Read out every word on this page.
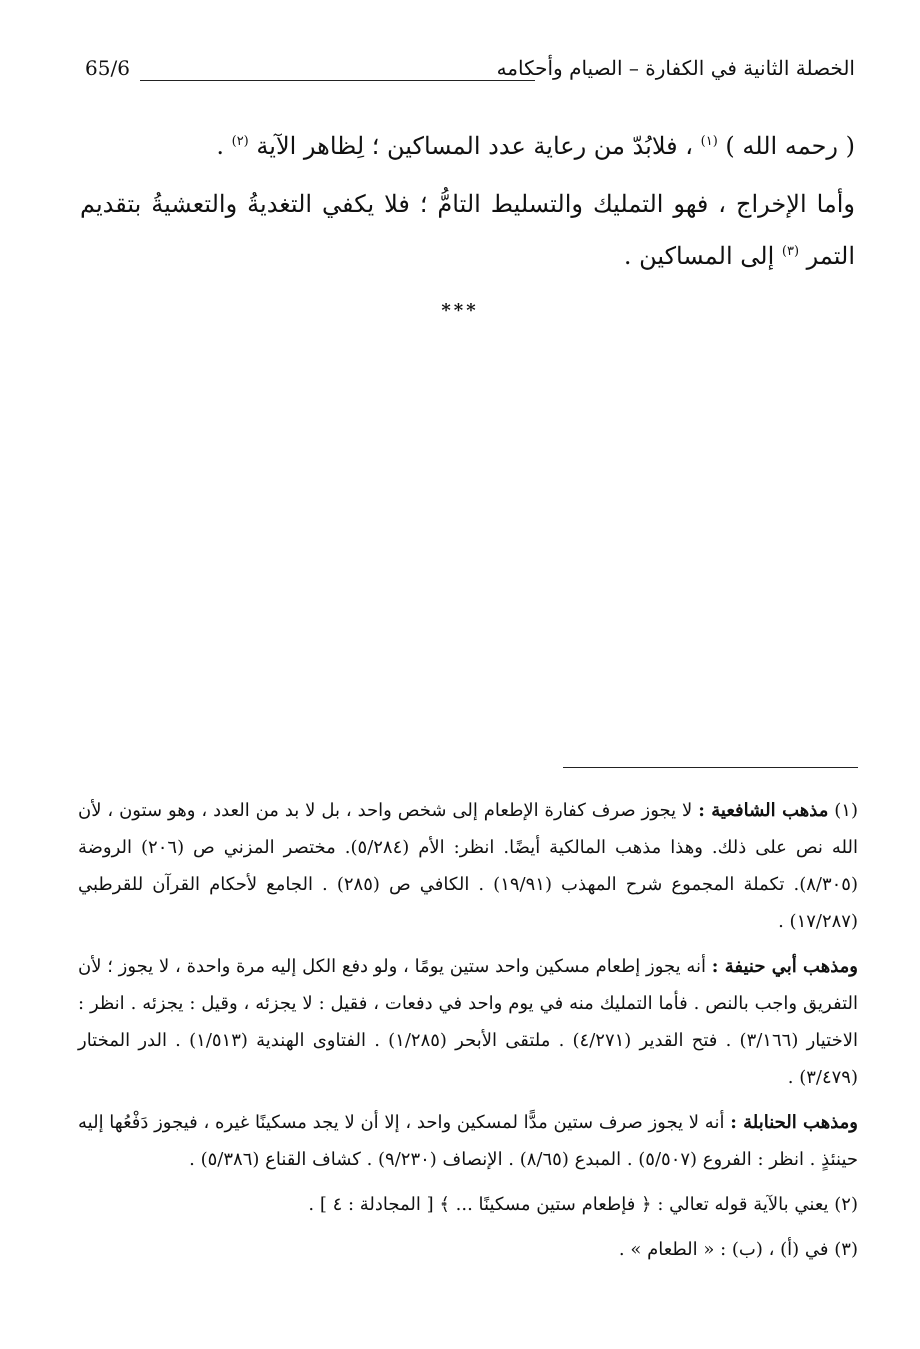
الخصلة الثانية في الكفارة – الصيام وأحكامه
65/6

( رحمه الله ) $^{(١)}$ ، فلابُدّ من رعاية عدد المساكين ؛ لِظاهر الآية $^{(٢)}$ .

وأما الإخراج ، فهو التمليك والتسليط التامُّ ؛ فلا يكفي التغديةُ والتعشيةُ بتقديم التمر $^{(٣)}$ إلى المساكين .

***

(١) مذهب الشافعية : لا يجوز صرف كفارة الإطعام إلى شخص واحد ، بل لا بد من العدد ، وهو ستون ، لأن الله نص على ذلك. وهذا مذهب المالكية أيضًا. انظر: الأم (٥/٢٨٤). مختصر المزني ص (٢٠٦) الروضة (٨/٣٠٥). تكملة المجموع شرح المهذب (١٩/٩١) . الكافي ص (٢٨٥) . الجامع لأحكام القرآن للقرطبي (١٧/٢٨٧) .

ومذهب أبي حنيفة : أنه يجوز إطعام مسكين واحد ستين يومًا ، ولو دفع الكل إليه مرة واحدة ، لا يجوز ؛ لأن التفريق واجب بالنص . فأما التمليك منه في يوم واحد في دفعات ، فقيل : لا يجزئه ، وقيل : يجزئه . انظر : الاختيار (٣/١٦٦) . فتح القدير (٤/٢٧١) . ملتقى الأبحر (١/٢٨٥) . الفتاوى الهندية (١/٥١٣) . الدر المختار (٣/٤٧٩) .

ومذهب الحنابلة : أنه لا يجوز صرف ستين مدًّا لمسكين واحد ، إلا أن لا يجد مسكينًا غيره ، فيجوز دَفْعُها إليه حينئذٍ . انظر : الفروع (٥/٥٠٧) . المبدع (٨/٦٥) . الإنصاف (٩/٢٣٠) . كشاف القناع (٥/٣٨٦) .

(٢) يعني بالآية قوله تعالي : ﴿ فإطعام ستين مسكينًا ... ﴾ [ المجادلة : ٤ ] .

(٣) في (أ) ، (ب) : « الطعام » .
